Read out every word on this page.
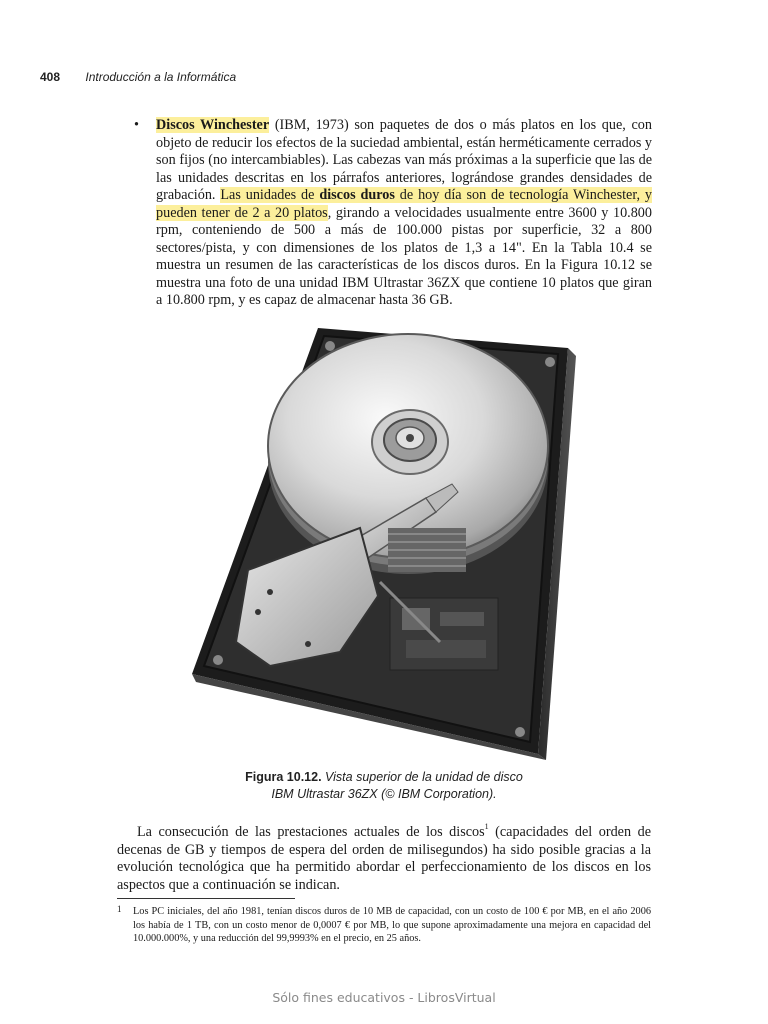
408 Introducción a la Informática
• Discos Winchester (IBM, 1973) son paquetes de dos o más platos en los que, con objeto de reducir los efectos de la suciedad ambiental, están herméticamente cerrados y son fijos (no intercambiables). Las cabezas van más próximas a la superficie que las de las unidades descritas en los párrafos anteriores, lográndose grandes densidades de grabación. Las unidades de discos duros de hoy día son de tecnología Winchester, y pueden tener de 2 a 20 platos, girando a velocidades usualmente entre 3600 y 10.800 rpm, conteniendo de 500 a más de 100.000 pistas por superficie, 32 a 800 sectores/pista, y con dimensiones de los platos de 1,3 a 14". En la Tabla 10.4 se muestra un resumen de las características de los discos duros. En la Figura 10.12 se muestra una foto de una unidad IBM Ultrastar 36ZX que contiene 10 platos que giran a 10.800 rpm, y es capaz de almacenar hasta 36 GB.
Figura 10.12. Vista superior de la unidad de disco
IBM Ultrastar 36ZX (© IBM Corporation).
La consecución de las prestaciones actuales de los discos$^1$ (capacidades del orden de decenas de GB y tiempos de espera del orden de milisegundos) ha sido posible gracias a la evolución tecnológica que ha permitido abordar el perfeccionamiento de los discos en los aspectos que a continuación se indican.
1 Los PC iniciales, del año 1981, tenían discos duros de 10 MB de capacidad, con un costo de 100 € por MB, en el año 2006 los había de 1 TB, con un costo menor de 0,0007 € por MB, lo que supone aproximadamente una mejora en capacidad del 10.000.000%, y una reducción del 99,9993% en el precio, en 25 años.
Sólo fines educativos - LibrosVirtual
